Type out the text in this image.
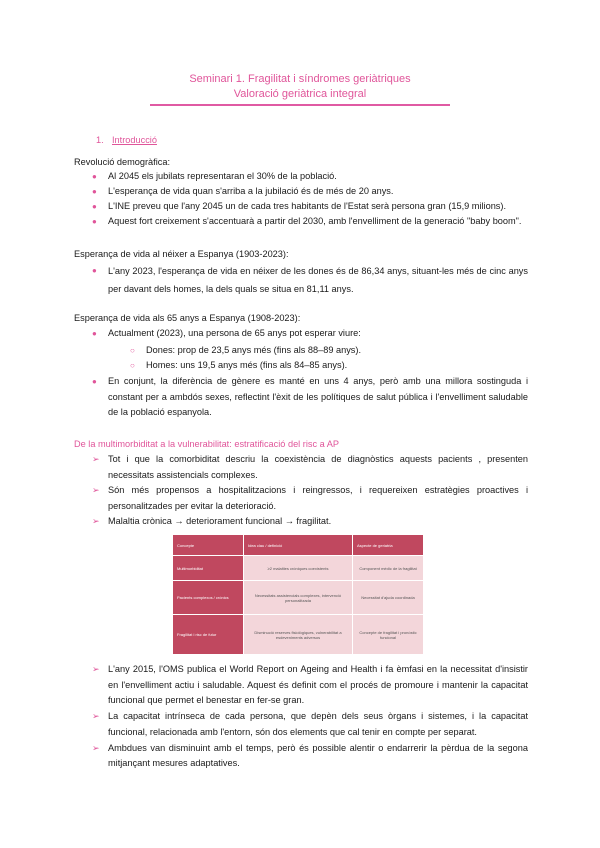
Seminari 1. Fragilitat i síndromes geriàtriques
Valoració geriàtrica integral
1. Introducció
Revolució demogràfica:
● Al 2045 els jubilats representaran el 30% de la població.
● L'esperança de vida quan s'arriba a la jubilació és de més de 20 anys.
● L'INE preveu que l'any 2045 un de cada tres habitants de l'Estat serà persona gran (15,9 milions).
● Aquest fort creixement s'accentuarà a partir del 2030, amb l'envelliment de la generació "baby boom".
Esperança de vida al néixer a Espanya (1903-2023):
● L'any 2023, l'esperança de vida en néixer de les dones és de 86,34 anys, situant-les més de cinc anys per davant dels homes, la dels quals se situa en 81,11 anys.
Esperança de vida als 65 anys a Espanya (1908-2023):
● Actualment (2023), una persona de 65 anys pot esperar viure:
○ Dones: prop de 23,5 anys més (fins als 88–89 anys).
○ Homes: uns 19,5 anys més (fins als 84–85 anys).
● En conjunt, la diferència de gènere es manté en uns 4 anys, però amb una millora sostinguda i constant per a ambdós sexes, reflectint l'èxit de les polítiques de salut pública i l'envelliment saludable de la població espanyola.
De la multimorbiditat a la vulnerabilitat: estratificació del risc a AP
➢ Tot i que la comorbiditat descriu la coexistència de diagnòstics aquests pacients , presenten necessitats assistencials complexes.
➢ Són més propensos a hospitalitzacions i reingressos, i requereixen estratègies proactives i personalitzades per evitar la deterioració.
➢ Malaltia crònica → deteriorament funcional → fragilitat.
Concepte	Idea clau / definició	Aspecte de geriatria
Multimorbiditat	≥2 malalties cròniques coexistents	Component mèdic de la fragilitat
Pacients complexos / crònics	Necessitats assistencials complexes, intervenció personalitzada	Necessitat d'ajuda coordinada
Fragilitat i risc de futur	Disminució reserves fisiològiques, vulnerabilitat a esdeveniments adversos	Concepte de fragilitat i pronòstic funcional
➢ L'any 2015, l'OMS publica el World Report on Ageing and Health i fa èmfasi en la necessitat d'insistir en l'envelliment actiu i saludable. Aquest és definit com el procés de promoure i mantenir la capacitat funcional que permet el benestar en fer-se gran.
➢ La capacitat intrínseca de cada persona, que depèn dels seus òrgans i sistemes, i la capacitat funcional, relacionada amb l'entorn, són dos elements que cal tenir en compte per separat.
➢ Ambdues van disminuint amb el temps, però és possible alentir o endarrerir la pèrdua de la segona mitjançant mesures adaptatives.
